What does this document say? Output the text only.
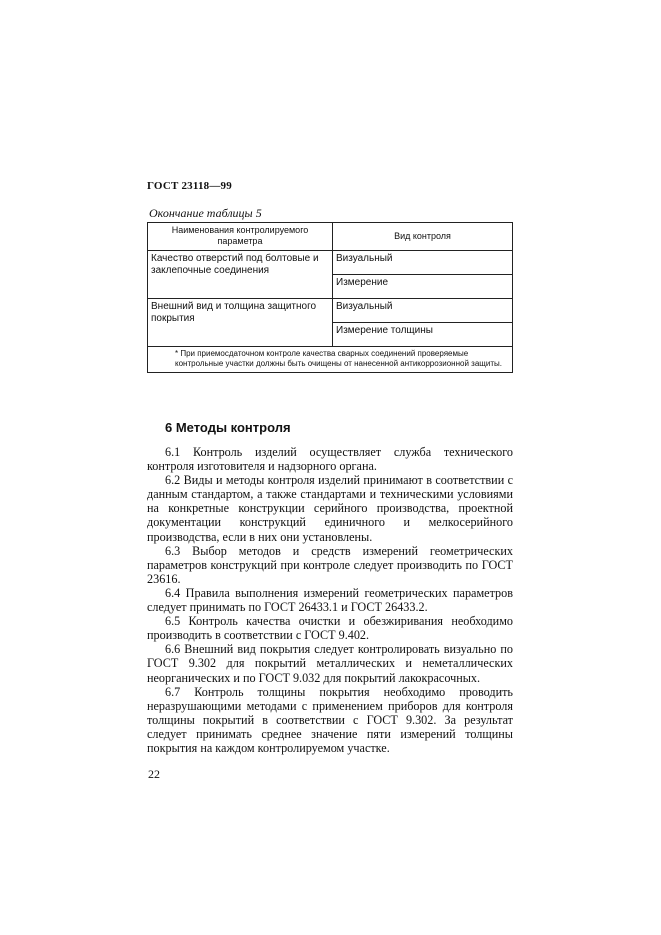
ГОСТ 23118—99
Окончание таблицы 5
Наименования контролируемого параметра	Вид контроля
Качество отверстий под болтовые и заклепочные соединения	Визуальный
	Измерение
Внешний вид и толщина защитного покрытия	Визуальный
	Измерение толщины

* При приемосдаточном контроле качества сварных соединений проверяемые контрольные участки должны быть очищены от нанесенной антикоррозионной защиты.	
6 Методы контроля

6.1 Контроль изделий осуществляет служба технического контроля изготовителя и надзорного органа.

6.2 Виды и методы контроля изделий принимают в соответствии с данным стандартом, а также стандартами и техническими условиями на конкретные конструкции серийного производства, проектной документации конструкций единичного и мелкосерийного производства, если в них они установлены.

6.3 Выбор методов и средств измерений геометрических параметров конструкций при контроле следует производить по ГОСТ 23616.

6.4 Правила выполнения измерений геометрических параметров следует принимать по ГОСТ 26433.1 и ГОСТ 26433.2.

6.5 Контроль качества очистки и обезжиривания необходимо производить в соответствии с ГОСТ 9.402.

6.6 Внешний вид покрытия следует контролировать визуально по ГОСТ 9.302 для покрытий металлических и неметаллических неорганических и по ГОСТ 9.032 для покрытий лакокрасочных.

6.7 Контроль толщины покрытия необходимо проводить неразрушающими методами с применением приборов для контроля толщины покрытий в соответствии с ГОСТ 9.302. За результат следует принимать среднее значение пяти измерений толщины покрытия на каждом контролируемом участке.

22
